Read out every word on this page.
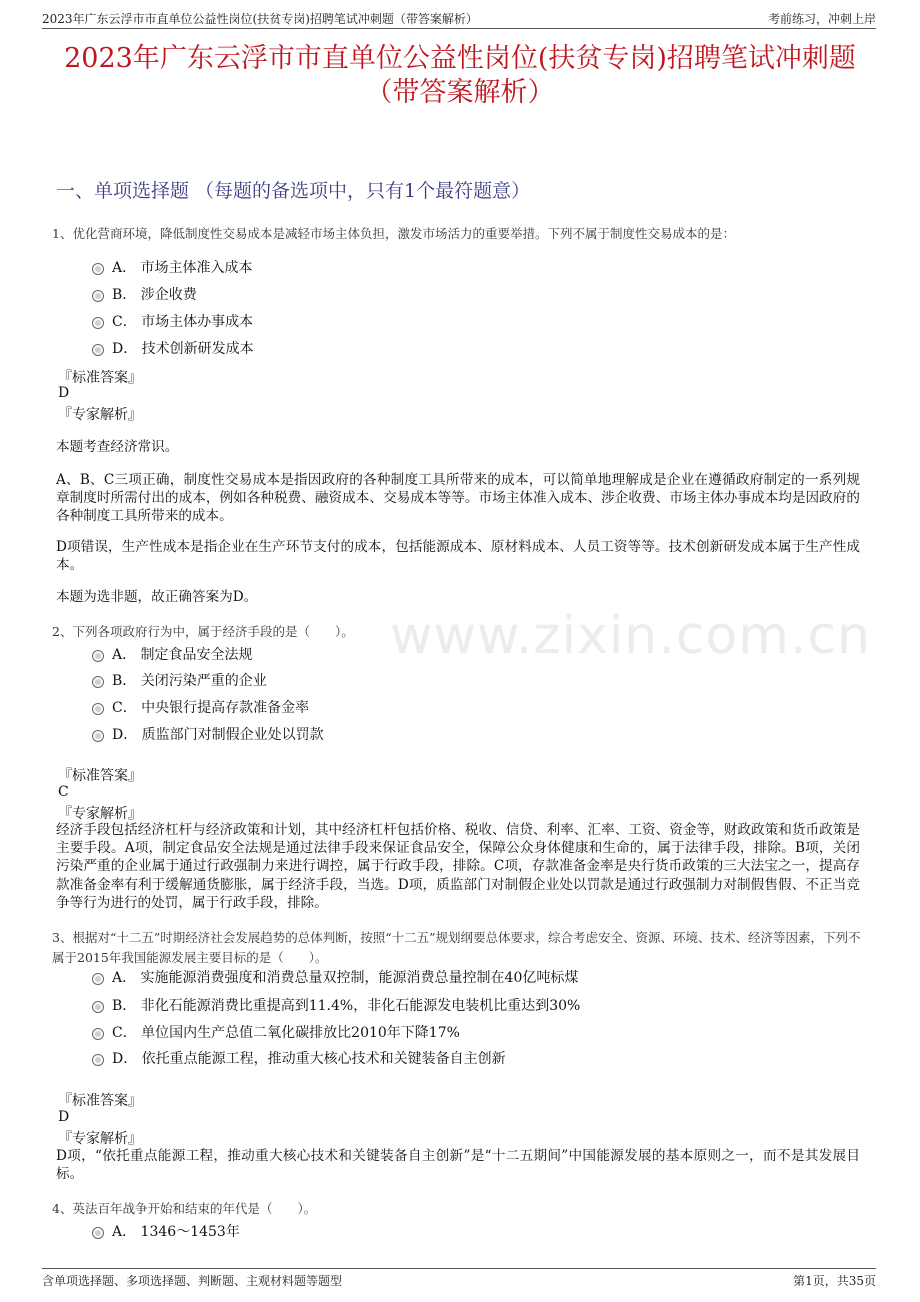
2023年广东云浮市市直单位公益性岗位(扶贫专岗)招聘笔试冲刺题（带答案解析）	考前练习，冲刺上岸
2023年广东云浮市市直单位公益性岗位(扶贫专岗)招聘笔试冲刺题（带答案解析）
一、单项选择题 （每题的备选项中，只有1个最符题意）
www.zixin.com.cn
1、优化营商环境，降低制度性交易成本是减轻市场主体负担，激发市场活力的重要举措。下列不属于制度性交易成本的是：
A． 市场主体准入成本
B． 涉企收费
C． 市场主体办事成本
D． 技术创新研发成本
『标准答案』
D
『专家解析』
本题考查经济常识。
A、B、C三项正确，制度性交易成本是指因政府的各种制度工具所带来的成本，可以简单地理解成是企业在遵循政府制定的一系列规章制度时所需付出的成本，例如各种税费、融资成本、交易成本等等。市场主体准入成本、涉企收费、市场主体办事成本均是因政府的各种制度工具所带来的成本。
D项错误，生产性成本是指企业在生产环节支付的成本，包括能源成本、原材料成本、人员工资等等。技术创新研发成本属于生产性成本。
本题为选非题，故正确答案为D。
2、下列各项政府行为中，属于经济手段的是（　　）。
A． 制定食品安全法规
B． 关闭污染严重的企业
C． 中央银行提高存款准备金率
D． 质监部门对制假企业处以罚款
『标准答案』
C
『专家解析』
经济手段包括经济杠杆与经济政策和计划，其中经济杠杆包括价格、税收、信贷、利率、汇率、工资、资金等，财政政策和货币政策是主要手段。A项，制定食品安全法规是通过法律手段来保证食品安全，保障公众身体健康和生命的，属于法律手段，排除。B项，关闭污染严重的企业属于通过行政强制力来进行调控，属于行政手段，排除。C项，存款准备金率是央行货币政策的三大法宝之一，提高存款准备金率有利于缓解通货膨胀，属于经济手段，当选。D项，质监部门对制假企业处以罚款是通过行政强制力对制假售假、不正当竞争等行为进行的处罚，属于行政手段，排除。
3、根据对“十二五”时期经济社会发展趋势的总体判断，按照“十二五”规划纲要总体要求，综合考虑安全、资源、环境、技术、经济等因素，下列不属于2015年我国能源发展主要目标的是（　　）。
A． 实施能源消费强度和消费总量双控制，能源消费总量控制在40亿吨标煤
B． 非化石能源消费比重提高到11.4%，非化石能源发电装机比重达到30%
C． 单位国内生产总值二氧化碳排放比2010年下降17%
D． 依托重点能源工程，推动重大核心技术和关键装备自主创新
『标准答案』
D
『专家解析』
D项，“依托重点能源工程，推动重大核心技术和关键装备自主创新”是“十二五期间”中国能源发展的基本原则之一，而不是其发展目标。
4、英法百年战争开始和结束的年代是（　　）。
A． 1346～1453年
含单项选择题、多项选择题、判断题、主观材料题等题型	第1页，共35页
